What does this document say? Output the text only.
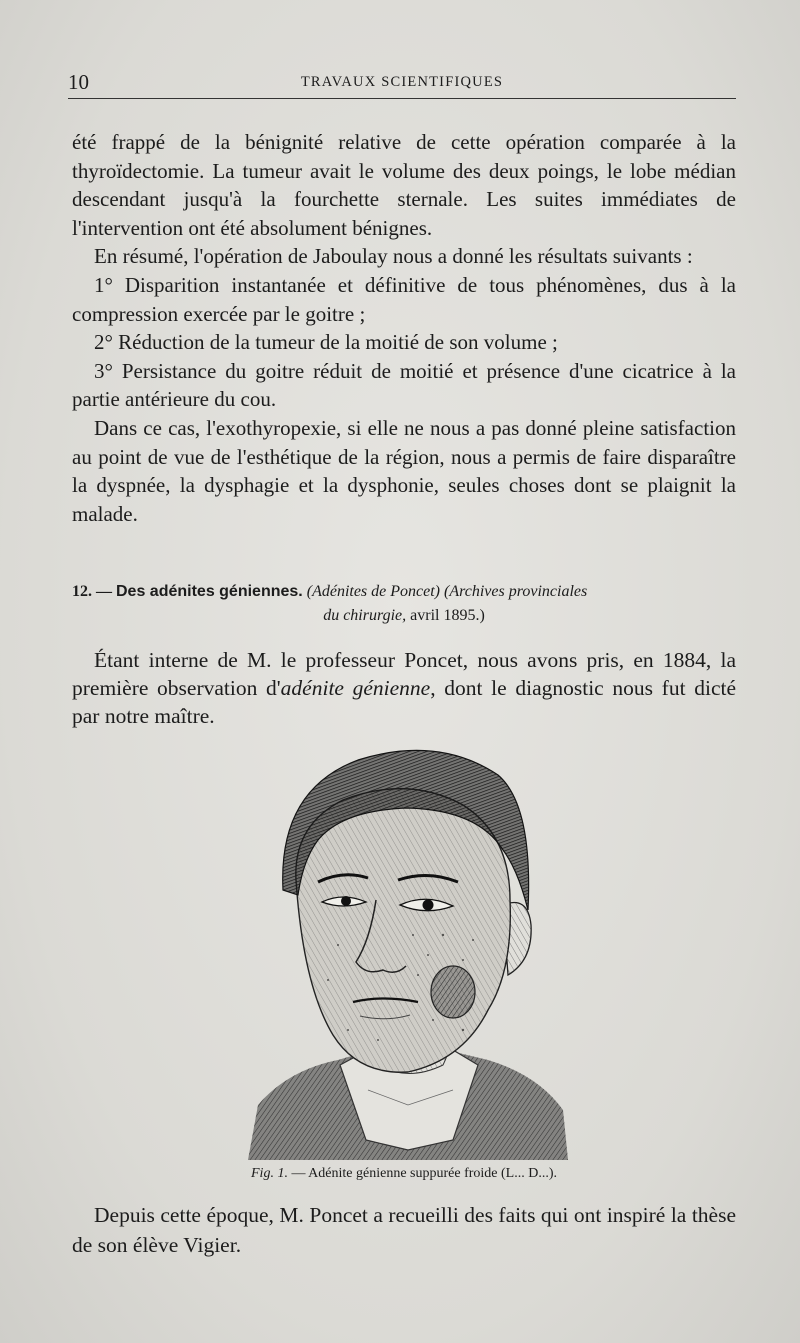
10	TRAVAUX SCIENTIFIQUES

été frappé de la bénignité relative de cette opération comparée à la thyroïdectomie. La tumeur avait le volume des deux poings, le lobe médian descendant jusqu'à la fourchette sternale. Les suites immédiates de l'intervention ont été absolument bénignes.

En résumé, l'opération de Jaboulay nous a donné les résultats suivants :

1° Disparition instantanée et définitive de tous phénomènes, dus à la compression exercée par le goitre ;

2° Réduction de la tumeur de la moitié de son volume ;

3° Persistance du goitre réduit de moitié et présence d'une cicatrice à la partie antérieure du cou.

Dans ce cas, l'exothyropexie, si elle ne nous a pas donné pleine satisfaction au point de vue de l'esthétique de la région, nous a permis de faire disparaître la dyspnée, la dysphagie et la dysphonie, seules choses dont se plaignit la malade.

12. — Des adénites géniennes. (Adénites de Poncet) (Archives provinciales
du chirurgie, avril 1895.)

Étant interne de M. le professeur Poncet, nous avons pris, en 1884, la première observation d'adénite génienne, dont le diagnostic nous fut dicté par notre maître.

Fig. 1. — Adénite génienne suppurée froide (L... D...).

Depuis cette époque, M. Poncet a recueilli des faits qui ont inspiré la thèse de son élève Vigier.
